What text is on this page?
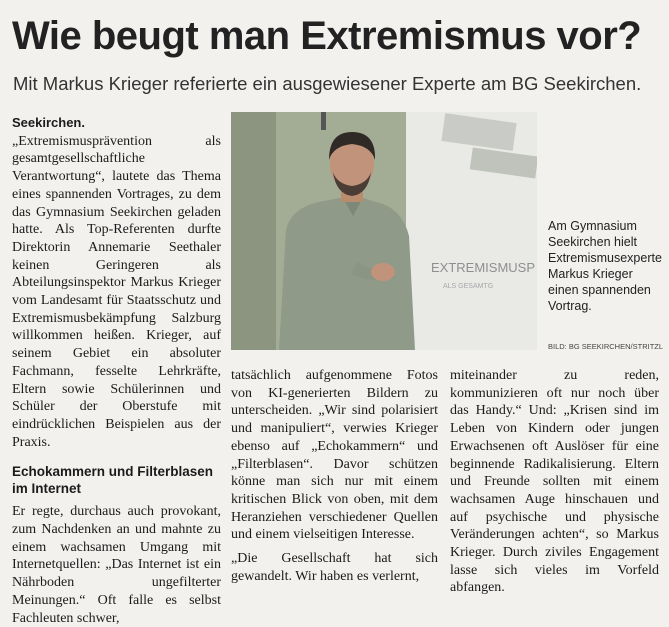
Wie beugt man Extremismus vor?

Mit Markus Krieger referierte ein ausgewiesener Experte am BG Seekirchen.

Seekirchen. „Extremismusprävention als gesamtgesellschaftliche Verantwortung“, lautete das Thema eines spannenden Vortrages, zu dem das Gymnasium Seekirchen geladen hatte. Als Top-Referenten durfte Direktorin Annemarie Seethaler keinen Geringeren als Abteilungsinspektor Markus Krieger vom Landesamt für Staatsschutz und Extremismusbekämpfung Salzburg willkommen heißen. Krieger, auf seinem Gebiet ein absoluter Fachmann, fesselte Lehrkräfte, Eltern sowie Schülerinnen und Schüler der Oberstufe mit eindrücklichen Beispielen aus der Praxis.

Echokammern und Filterblasen im Internet

Er regte, durchaus auch provokant, zum Nachdenken an und mahnte zu einem wachsamen Umgang mit Internetquellen: „Das Internet ist ein Nährboden ungefilterter Meinungen.“ Oft falle es selbst Fachleuten schwer,

EXTREMISMUSP
ALS GESAMTG
Am Gymnasium Seekirchen hielt Extremismusexperte Markus Krieger einen spannenden Vortrag.
BILD: BG SEEKIRCHEN/STRITZL

tatsächlich aufgenommene Fotos von KI-generierten Bildern zu unterscheiden. „Wir sind polarisiert und manipuliert“, verwies Krieger ebenso auf „Echokammern“ und „Filterblasen“. Davor schützen könne man sich nur mit einem kritischen Blick von oben, mit dem Heranziehen verschiedener Quellen und einem vielseitigen Interesse.

„Die Gesellschaft hat sich gewandelt. Wir haben es verlernt,

miteinander zu reden, kommunizieren oft nur noch über das Handy.“ Und: „Krisen sind im Leben von Kindern oder jungen Erwachsenen oft Auslöser für eine beginnende Radikalisierung. Eltern und Freunde sollten mit einem wachsamen Auge hinschauen und auf psychische und physische Veränderungen achten“, so Markus Krieger. Durch ziviles Engagement lasse sich vieles im Vorfeld abfangen.
